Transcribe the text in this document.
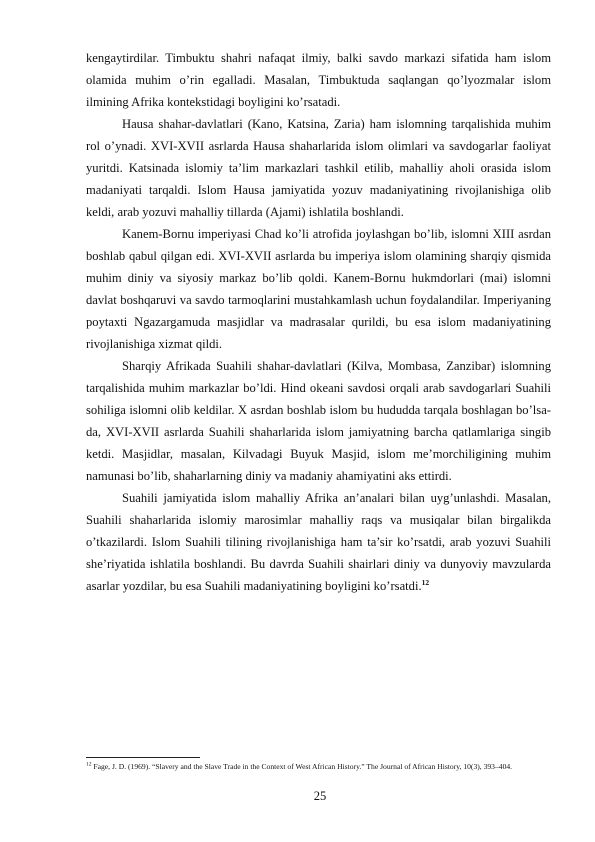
kengaytirdilar. Timbuktu shahri nafaqat ilmiy, balki savdo markazi sifatida ham islom olamida muhim o’rin egalladi. Masalan, Timbuktuda saqlangan qo’lyozmalar islom ilmining Afrika kontekstidagi boyligini ko’rsatadi.

Hausa shahar-davlatlari (Kano, Katsina, Zaria) ham islomning tarqalishida muhim rol o’ynadi. XVI-XVII asrlarda Hausa shaharlarida islom olimlari va savdogarlar faoliyat yuritdi. Katsinada islomiy ta’lim markazlari tashkil etilib, mahalliy aholi orasida islom madaniyati tarqaldi. Islom Hausa jamiyatida yozuv madaniyatining rivojlanishiga olib keldi, arab yozuvi mahalliy tillarda (Ajami) ishlatila boshlandi.

Kanem-Bornu imperiyasi Chad ko’li atrofida joylashgan bo’lib, islomni XIII asrdan boshlab qabul qilgan edi. XVI-XVII asrlarda bu imperiya islom olamining sharqiy qismida muhim diniy va siyosiy markaz bo’lib qoldi. Kanem-Bornu hukmdorlari (mai) islomni davlat boshqaruvi va savdo tarmoqlarini mustahkamlash uchun foydalandilar. Imperiyaning poytaxti Ngazargamuda masjidlar va madrasalar qurildi, bu esa islom madaniyatining rivojlanishiga xizmat qildi.

Sharqiy Afrikada Suahili shahar-davlatlari (Kilva, Mombasa, Zanzibar) islomning tarqalishida muhim markazlar bo’ldi. Hind okeani savdosi orqali arab savdogarlari Suahili sohiliga islomni olib keldilar. X asrdan boshlab islom bu hududda tarqala boshlagan bo’lsa-da, XVI-XVII asrlarda Suahili shaharlarida islom jamiyatning barcha qatlamlariga singib ketdi. Masjidlar, masalan, Kilvadagi Buyuk Masjid, islom me’morchiligining muhim namunasi bo’lib, shaharlarning diniy va madaniy ahamiyatini aks ettirdi.

Suahili jamiyatida islom mahalliy Afrika an’analari bilan uyg’unlashdi. Masalan, Suahili shaharlarida islomiy marosimlar mahalliy raqs va musiqalar bilan birgalikda o’tkazilardi. Islom Suahili tilining rivojlanishiga ham ta’sir ko’rsatdi, arab yozuvi Suahili she’riyatida ishlatila boshlandi. Bu davrda Suahili shairlari diniy va dunyoviy mavzularda asarlar yozdilar, bu esa Suahili madaniyatining boyligini ko’rsatdi.$^{12}$

$^{12}$ Fage, J. D. (1969). “Slavery and the Slave Trade in the Context of West African History.” The Journal of African History, 10(3), 393–404.
25
